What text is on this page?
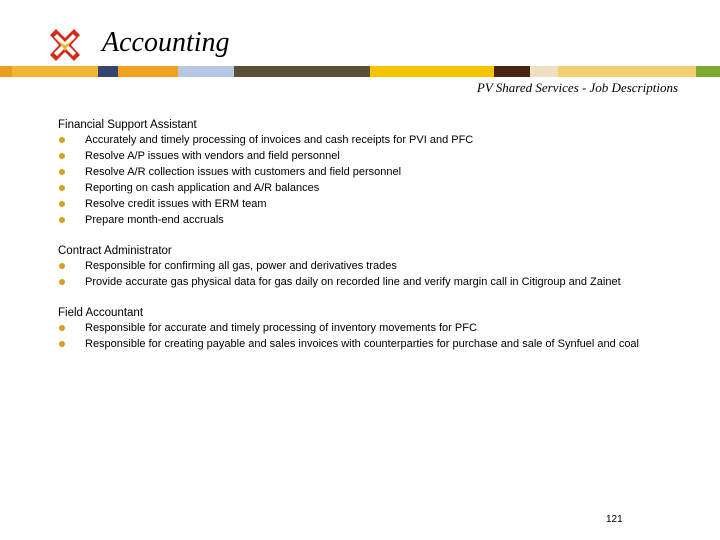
Accounting
PV Shared Services - Job Descriptions
Financial Support Assistant
Accurately and timely processing of invoices and cash receipts for PVI and PFC
Resolve A/P issues with vendors and field personnel
Resolve A/R collection issues with customers and field personnel
Reporting on cash application and A/R balances
Resolve credit issues with ERM team
Prepare month-end accruals
Contract Administrator
Responsible for confirming all gas, power and derivatives trades
Provide accurate gas physical data for gas daily on recorded line and verify margin call in Citigroup and Zainet
Field Accountant
Responsible for accurate and timely processing of inventory movements for PFC
Responsible for creating payable and sales invoices with counterparties for purchase and sale of Synfuel and coal
121
